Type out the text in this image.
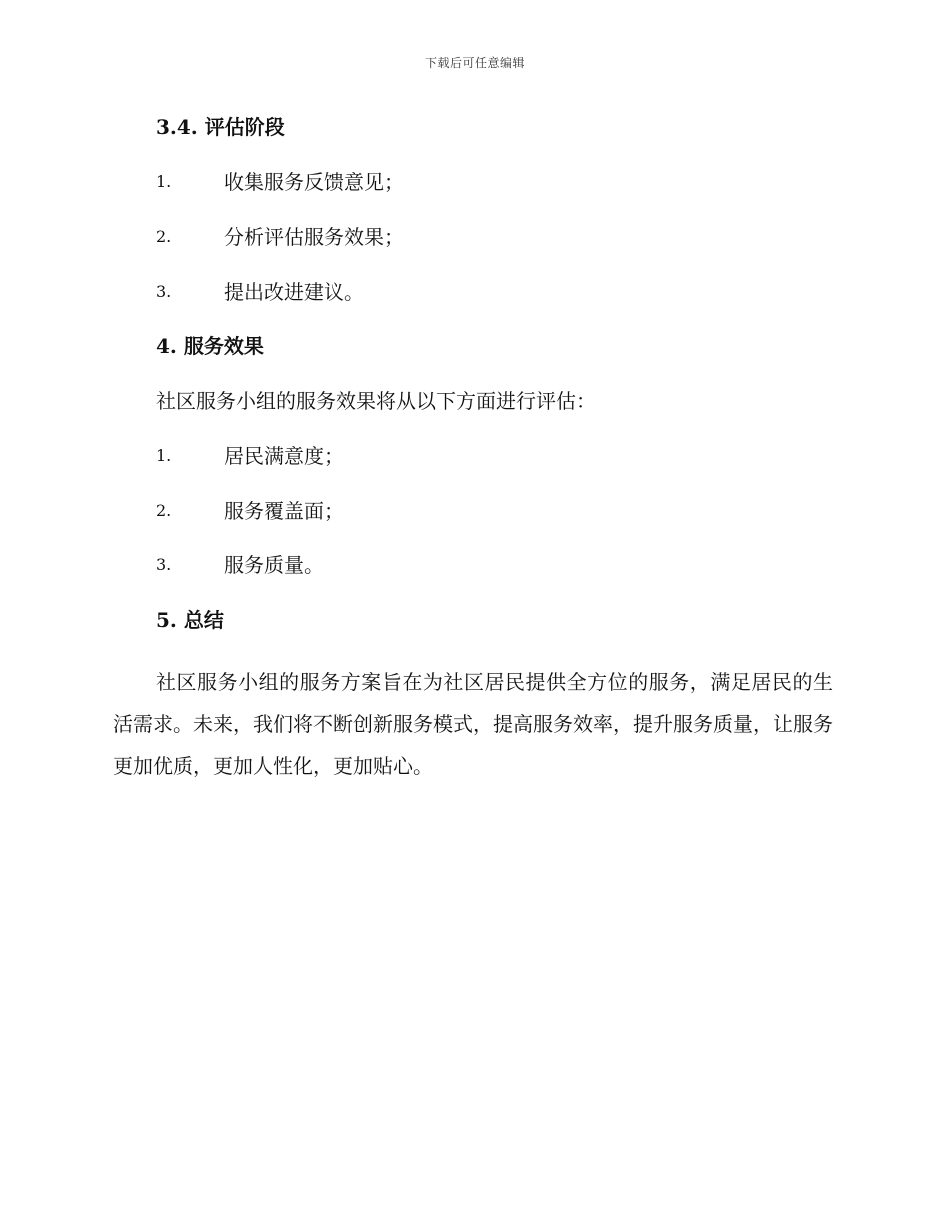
下载后可任意编辑
3.4. 评估阶段
1.	收集服务反馈意见；
2.	分析评估服务效果；
3.	提出改进建议。
4. 服务效果
社区服务小组的服务效果将从以下方面进行评估：
1.	居民满意度；
2.	服务覆盖面；
3.	服务质量。
5. 总结
社区服务小组的服务方案旨在为社区居民提供全方位的服务，满足居民的生活需求。未来，我们将不断创新服务模式，提高服务效率，提升服务质量，让服务更加优质，更加人性化，更加贴心。
